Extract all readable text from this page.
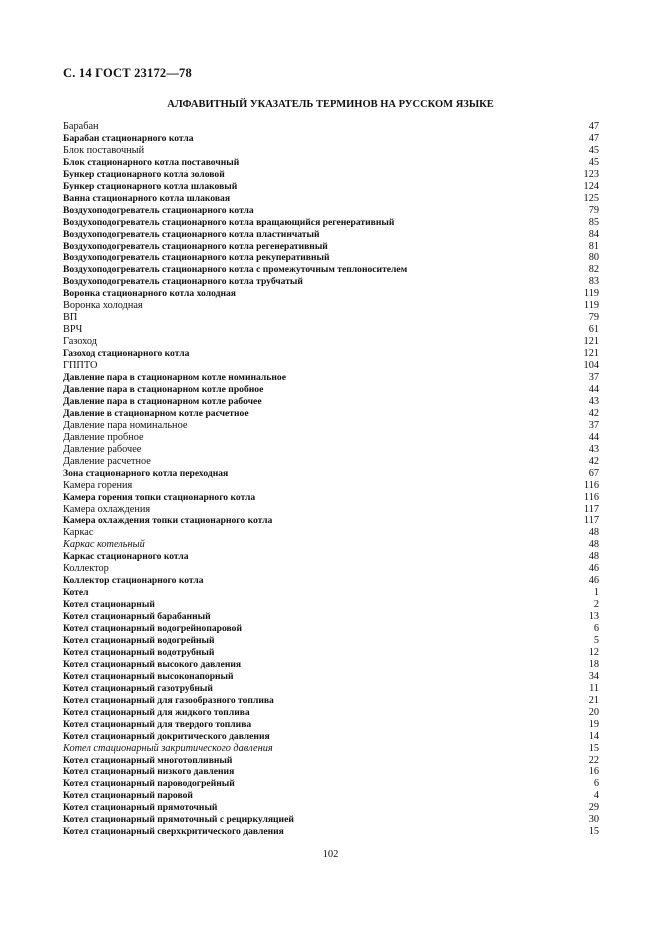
С. 14 ГОСТ 23172—78
АЛФАВИТНЫЙ УКАЗАТЕЛЬ ТЕРМИНОВ НА РУССКОМ ЯЗЫКЕ
Барабан	47
Барабан стационарного котла	47
Блок поставочный	45
Блок стационарного котла поставочный	45
Бункер стационарного котла золовой	123
Бункер стационарного котла шлаковый	124
Ванна стационарного котла шлаковая	125
Воздухоподогреватель стационарного котла	79
Воздухоподогреватель стационарного котла вращающийся регенеративный	85
Воздухоподогреватель стационарного котла пластинчатый	84
Воздухоподогреватель стационарного котла регенеративный	81
Воздухоподогреватель стационарного котла рекуперативный	80
Воздухоподогреватель стационарного котла с промежуточным теплоносителем	82
Воздухоподогреватель стационарного котла трубчатый	83
Воронка стационарного котла холодная	119
Воронка холодная	119
ВП	79
ВРЧ	61
Газоход	121
Газоход стационарного котла	121
ГППТО	104
Давление пара в стационарном котле номинальное	37
Давление пара в стационарном котле пробное	44
Давление пара в стационарном котле рабочее	43
Давление в стационарном котле расчетное	42
Давление пара номинальное	37
Давление пробное	44
Давление рабочее	43
Давление расчетное	42
Зона стационарного котла переходная	67
Камера горения	116
Камера горения топки стационарного котла	116
Камера охлаждения	117
Камера охлаждения топки стационарного котла	117
Каркас	48
Каркас котельный	48
Каркас стационарного котла	48
Коллектор	46
Коллектор стационарного котла	46
Котел	1
Котел стационарный	2
Котел стационарный барабанный	13
Котел стационарный водогрейнопаровой	6
Котел стационарный водогрейный	5
Котел стационарный водотрубный	12
Котел стационарный высокого давления	18
Котел стационарный высоконапорный	34
Котел стационарный газотрубный	11
Котел стационарный для газообразного топлива	21
Котел стационарный для жидкого топлива	20
Котел стационарный для твердого топлива	19
Котел стационарный докритического давления	14
Котел стационарный закритического давления	15
Котел стационарный многотопливный	22
Котел стационарный низкого давления	16
Котел стационарный пароводогрейный	6
Котел стационарный паровой	4
Котел стационарный прямоточный	29
Котел стационарный прямоточный с рециркуляцией	30
Котел стационарный сверхкритического давления	15
102
